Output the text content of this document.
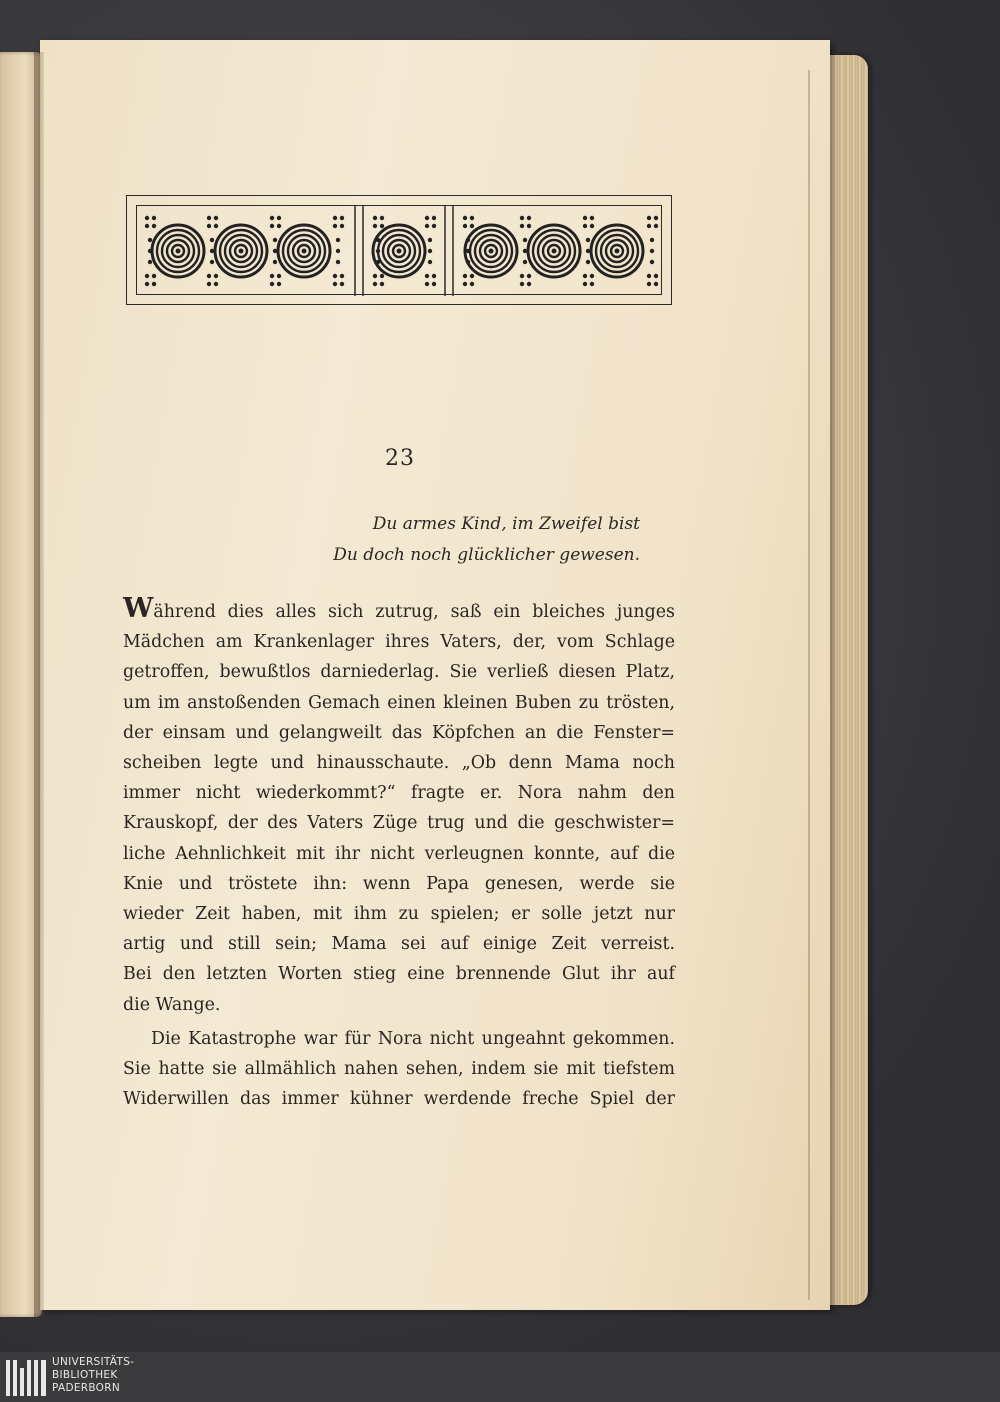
23
Du armes Kind, im Zweifel bist
Du doch noch glücklicher gewesen.
Während dies alles sich zutrug, saß ein bleiches junges
Mädchen am Krankenlager ihres Vaters, der, vom Schlage
getroffen, bewußtlos darniederlag. Sie verließ diesen Platz,
um im anstoßenden Gemach einen kleinen Buben zu trösten,
der einsam und gelangweilt das Köpfchen an die Fenster=
scheiben legte und hinausschaute. „Ob denn Mama noch
immer nicht wiederkommt?“ fragte er. Nora nahm den
Krauskopf, der des Vaters Züge trug und die geschwister=
liche Aehnlichkeit mit ihr nicht verleugnen konnte, auf die
Knie und tröstete ihn: wenn Papa genesen, werde sie
wieder Zeit haben, mit ihm zu spielen; er solle jetzt nur
artig und still sein; Mama sei auf einige Zeit verreist.
Bei den letzten Worten stieg eine brennende Glut ihr auf
die Wange.
Die Katastrophe war für Nora nicht ungeahnt gekommen.
Sie hatte sie allmählich nahen sehen, indem sie mit tiefstem
Widerwillen das immer kühner werdende freche Spiel der
UNIVERSITÄTS-
BIBLIOTHEK
PADERBORN
